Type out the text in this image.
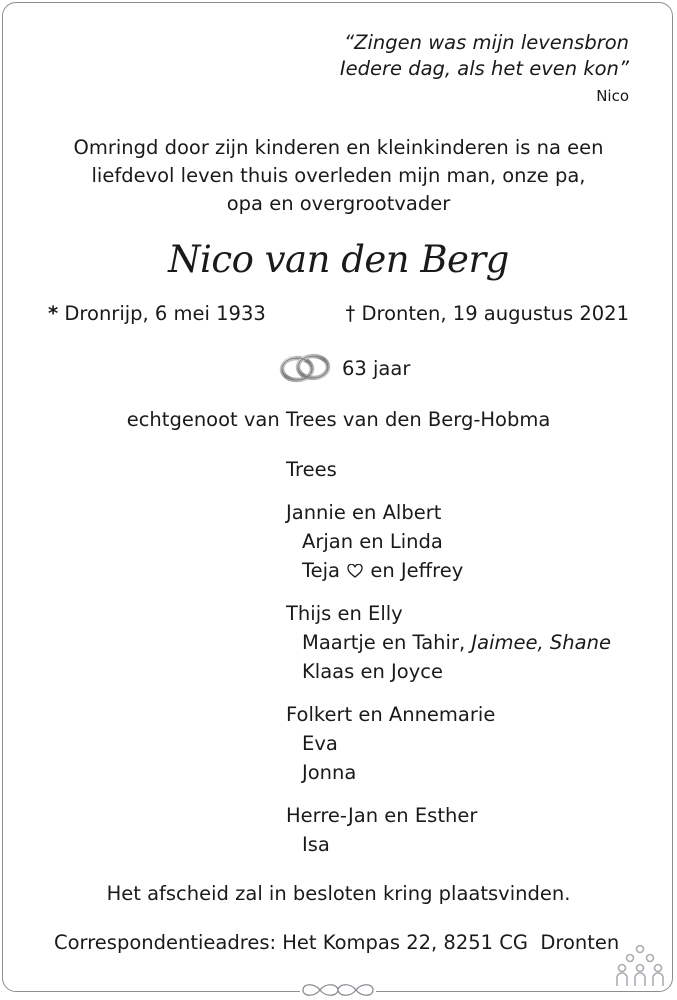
“Zingen was mijn levensbron
Iedere dag, als het even kon”
Nico
Omringd door zijn kinderen en kleinkinderen is na een
liefdevol leven thuis overleden mijn man, onze pa,
opa en overgrootvader
Nico van den Berg
* Dronrijp, 6 mei 1933	† Dronten, 19 augustus 2021
63 jaar
echtgenoot van Trees van den Berg-Hobma
Trees
Jannie en Albert
Arjan en Linda
Teja en Jeffrey
Thijs en Elly
Maartje en Tahir, Jaimee, Shane
Klaas en Joyce
Folkert en Annemarie
Eva
Jonna
Herre-Jan en Esther
Isa
Het afscheid zal in besloten kring plaatsvinden.
Correspondentieadres: Het Kompas 22, 8251 CG  Dronten
